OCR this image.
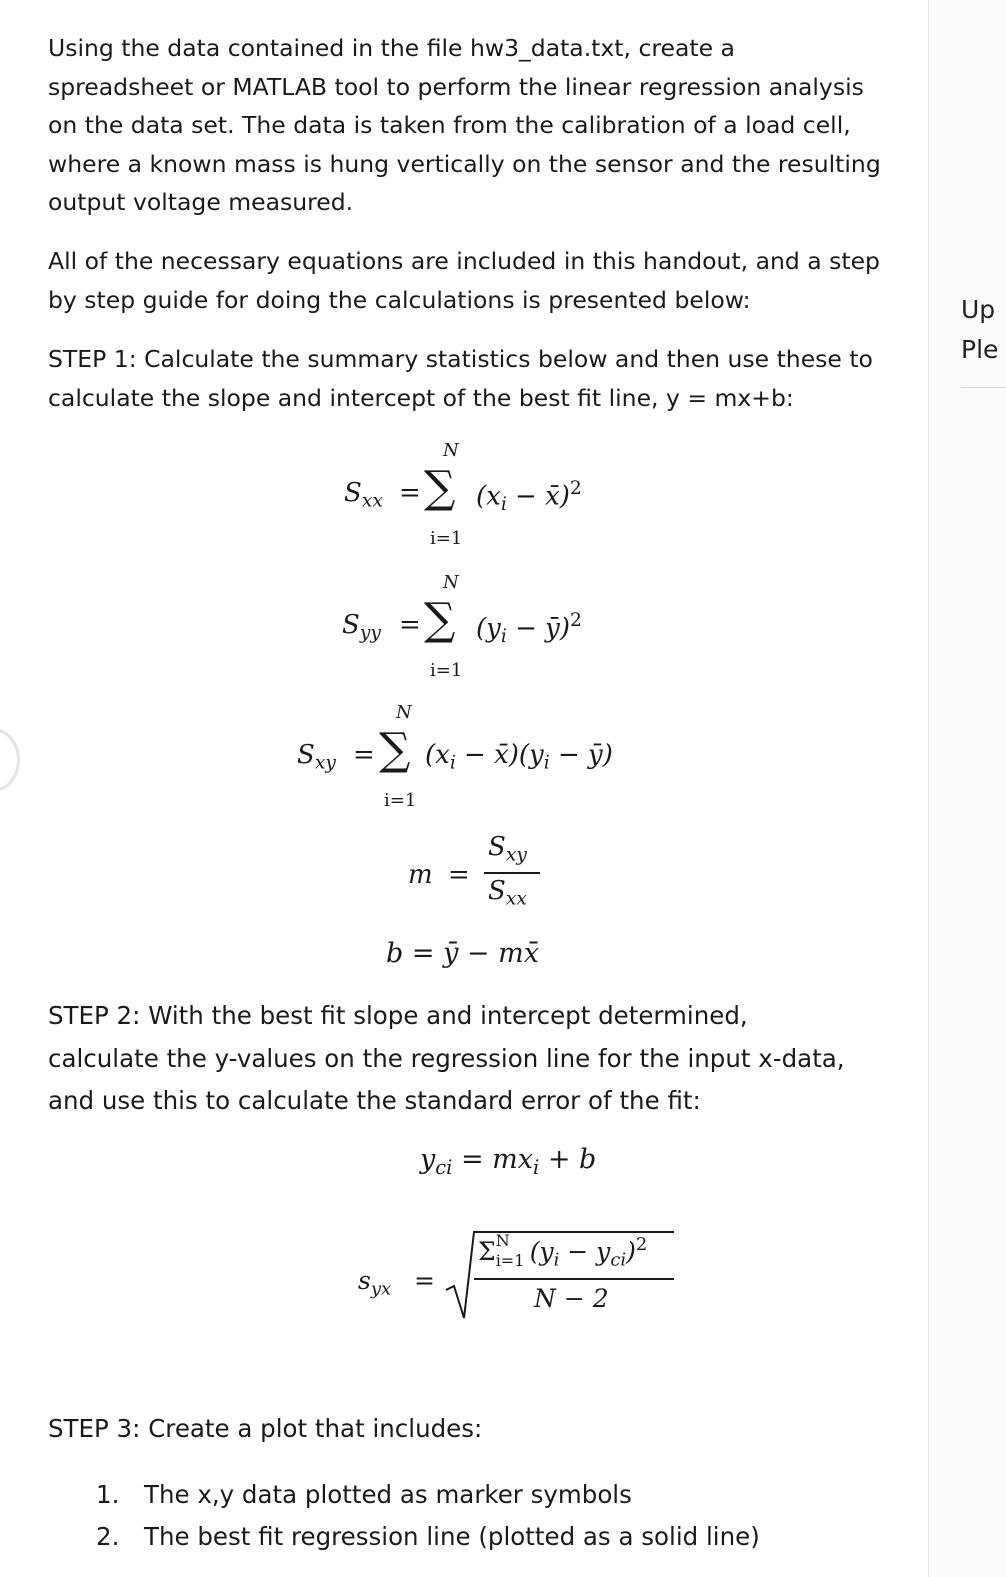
Using the data contained in the file hw3_data.txt, create a
spreadsheet or MATLAB tool to perform the linear regression analysis
on the data set. The data is taken from the calibration of a load cell,
where a known mass is hung vertically on the sensor and the resulting
output voltage measured.
All of the necessary equations are included in this handout, and a step
by step guide for doing the calculations is presented below:
STEP 1: Calculate the summary statistics below and then use these to
calculate the slope and intercept of the best fit line, y = mx+b:
$S_{xx}$ =
N
∑
i=1
($x_i$ − x̄)$^2$
$S_{yy}$ =
N
∑
i=1
($y_i$ − ȳ)$^2$
$S_{xy}$ =
N
∑
i=1
($x_i$ − $x̄)(y_i$ − ȳ)
m =
$S_{xy}$
$S_{xx}$
b = ȳ − mx̄
STEP 2: With the best fit slope and intercept determined,
calculate the y-values on the regression line for the input x-data,
and use this to calculate the standard error of the fit:
$y_{ci} = mx_i + b$
$s_{yx}$ =
Σ N
i=1 $(y_i - y_{ci})^2$
N − 2
STEP 3: Create a plot that includes:
1. The x,y data plotted as marker symbols
2. The best fit regression line (plotted as a solid line)
Up
Ple
